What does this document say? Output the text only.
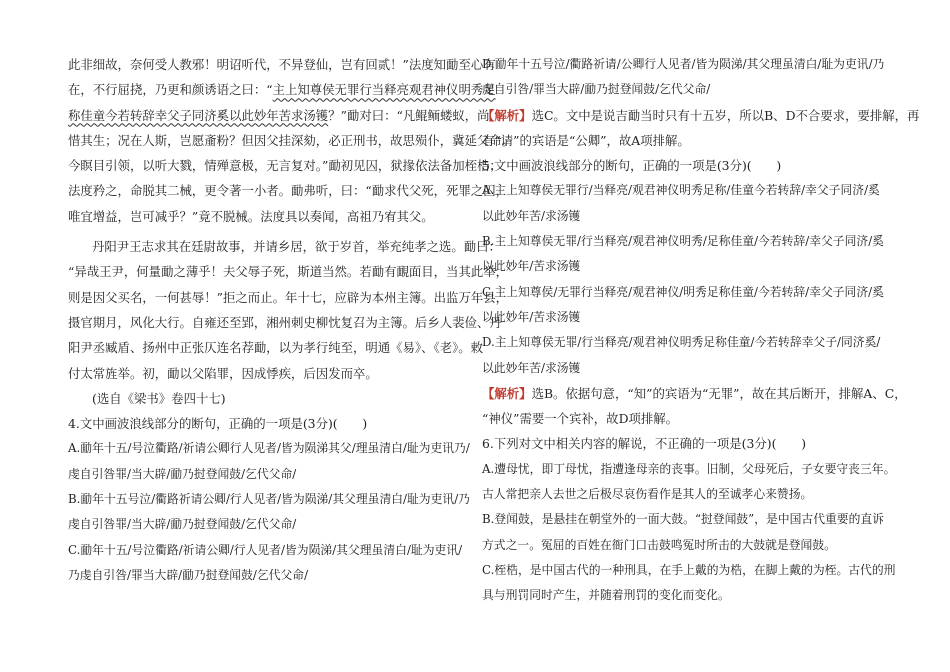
此非细故，奈何受人教邪！明诏听代，不异登仙，岂有回贰！”法度知勔至心有
在，不行屈挠，乃更和颜诱语之曰：“主上知尊侯无罪行当释亮观君神仪明秀足
称佳童今若转辞幸父子同济奚以此妙年苦求汤镬？”勔对曰：“凡鲲鲕蝼蚁，尚
惜其生；况在人斯，岂愿齑粉？但因父挂深劾，必正刑书，故思殒仆，冀延父命。
今瞑目引领，以听大戮，情殚意极，无言复对。”勔初见囚，狱掾依法备加桎梏；
法度矜之，命脱其二械，更令著一小者。勔弗听，曰：“勔求代父死，死罪之囚，
唯宜增益，岂可减乎？”竟不脱械。法度具以奏闻，高祖乃宥其父。
丹阳尹王志求其在廷尉故事，并请乡居，欲于岁首，举充纯孝之选。勔曰：
“异哉王尹，何量勔之薄乎！夫父辱子死，斯道当然。若勔有靦面目，当其此举，
则是因父买名，一何甚辱！”拒之而止。年十七，应辟为本州主簿。出监万年县，
摄官期月，风化大行。自雍还至郢，湘州刺史柳忱复召为主簿。后乡人裴俭、丹
阳尹丞臧盾、扬州中正张仄连名荐勔，以为孝行纯至，明通《易》、《老》。敕
付太常旌举。初，勔以父陷罪，因成悸疾，后因发而卒。
(选自《梁书》卷四十七)
4.文中画波浪线部分的断句，正确的一项是(3分)(　　)
A.勔年十五/号泣衢路/祈请公卿行人见者/皆为陨涕其父/理虽清白/耻为吏讯乃/
虔自引咎罪/当大辟/勔乃挝登闻鼓/乞代父命/
B.勔年十五号泣/衢路祈请公卿/行人见者/皆为陨涕/其父理虽清白/耻为吏讯/乃
虔自引咎罪/当大辟/勔乃挝登闻鼓/乞代父命/
C.勔年十五/号泣衢路/祈请公卿/行人见者/皆为陨涕/其父理虽清白/耻为吏讯/
乃虔自引咎/罪当大辟/勔乃挝登闻鼓/乞代父命/
D.勔年十五号泣/衢路祈请/公卿行人见者/皆为陨涕/其父理虽清白/耻为吏讯/乃
虔自引咎/罪当大辟/勔乃挝登闻鼓/乞代父命/
【解析】选C。文中是说吉勔当时只有十五岁，所以B、D不合要求，要排解，再
有“请”的宾语是“公卿”，故A项排解。
5.文中画波浪线部分的断句，正确的一项是(3分)(　　)
A.主上知尊侯无罪行/当释亮/观君神仪明秀足称/佳童今若转辞/幸父子同济/奚
以此妙年苦/求汤镬
B.主上知尊侯无罪/行当释亮/观君神仪明秀/足称佳童/今若转辞/幸父子同济/奚
以此妙年/苦求汤镬
C.主上知尊侯/无罪行当释亮/观君神仪/明秀足称佳童/今若转辞/幸父子同济/奚
以此妙年/苦求汤镬
D.主上知尊侯无罪/行当释亮/观君神仪明秀足称佳童/今若转辞幸父子/同济奚/
以此妙年苦/求汤镬
【解析】选B。依据句意，“知”的宾语为“无罪”，故在其后断开，排解A、C，
“神仪”需要一个宾补，故D项排解。
6.下列对文中相关内容的解说，不正确的一项是(3分)(　　)
A.遭母忧，即丁母忧，指遭逢母亲的丧事。旧制，父母死后，子女要守丧三年。
古人常把亲人去世之后极尽哀伤看作是其人的至诚孝心来赞扬。
B.登闻鼓，是悬挂在朝堂外的一面大鼓。“挝登闻鼓”，是中国古代重要的直诉
方式之一。冤屈的百姓在衙门口击鼓鸣冤时所击的大鼓就是登闻鼓。
C.桎梏，是中国古代的一种刑具，在手上戴的为梏，在脚上戴的为桎。古代的刑
具与刑罚同时产生，并随着刑罚的变化而变化。
